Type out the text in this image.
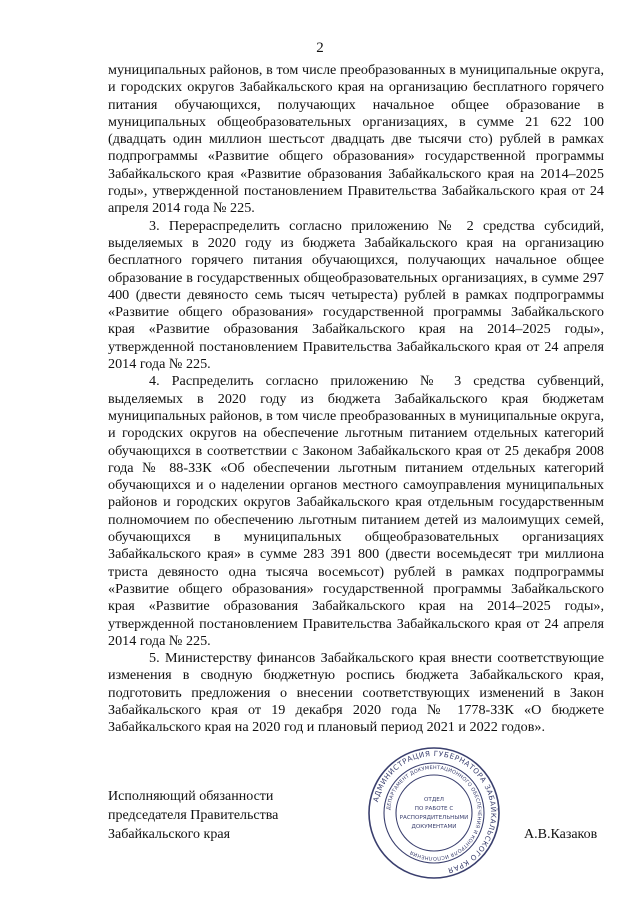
2

муниципальных районов, в том числе преобразованных в муниципальные округа, и городских округов Забайкальского края на организацию бесплатного горячего питания обучающихся, получающих начальное общее образование в муниципальных общеобразовательных организациях, в сумме 21 622 100 (двадцать один миллион шестьсот двадцать две тысячи сто) рублей в рамках подпрограммы «Развитие общего образования» государственной программы Забайкальского края «Развитие образования Забайкальского края на 2014–2025 годы», утвержденной постановлением Правительства Забайкальского края от 24 апреля 2014 года № 225.

3. Перераспределить согласно приложению № 2 средства субсидий, выделяемых в 2020 году из бюджета Забайкальского края на организацию бесплатного горячего питания обучающихся, получающих начальное общее образование в государственных общеобразовательных организациях, в сумме 297 400 (двести девяносто семь тысяч четыреста) рублей в рамках подпрограммы «Развитие общего образования» государственной программы Забайкальского края «Развитие образования Забайкальского края на 2014–2025 годы», утвержденной постановлением Правительства Забайкальского края от 24 апреля 2014 года № 225.

4. Распределить согласно приложению № 3 средства субвенций, выделяемых в 2020 году из бюджета Забайкальского края бюджетам муниципальных районов, в том числе преобразованных в муниципальные округа, и городских округов на обеспечение льготным питанием отдельных категорий обучающихся в соответствии с Законом Забайкальского края от 25 декабря 2008 года № 88-ЗЗК «Об обеспечении льготным питанием отдельных категорий обучающихся и о наделении органов местного самоуправления муниципальных районов и городских округов Забайкальского края отдельным государственным полномочием по обеспечению льготным питанием детей из малоимущих семей, обучающихся в муниципальных общеобразовательных организациях Забайкальского края» в сумме 283 391 800 (двести восемьдесят три миллиона триста девяносто одна тысяча восемьсот) рублей в рамках подпрограммы «Развитие общего образования» государственной программы Забайкальского края «Развитие образования Забайкальского края на 2014–2025 годы», утвержденной постановлением Правительства Забайкальского края от 24 апреля 2014 года № 225.

5. Министерству финансов Забайкальского края внести соответствующие изменения в сводную бюджетную роспись бюджета Забайкальского края, подготовить предложения о внесении соответствующих изменений в Закон Забайкальского края от 19 декабря 2020 года № 1778-ЗЗК «О бюджете Забайкальского края на 2020 год и плановый период 2021 и 2022 годов».

Исполняющий обязанности
председателя Правительства
Забайкальского края	А.В.Казаков
АДМИНИСТРАЦИЯ ГУБЕРНАТОРА ЗАБАЙКАЛЬСКОГО КРАЯ
ДЕПАРТАМЕНТ ДОКУМЕНТАЦИОННОГО ОБЕСПЕЧЕНИЯ И КОНТРОЛЯ ИСПОЛНЕНИЯ
ОТДЕЛ
ПО РАБОТЕ С
РАСПОРЯДИТЕЛЬНЫМИ
ДОКУМЕНТАМИ
